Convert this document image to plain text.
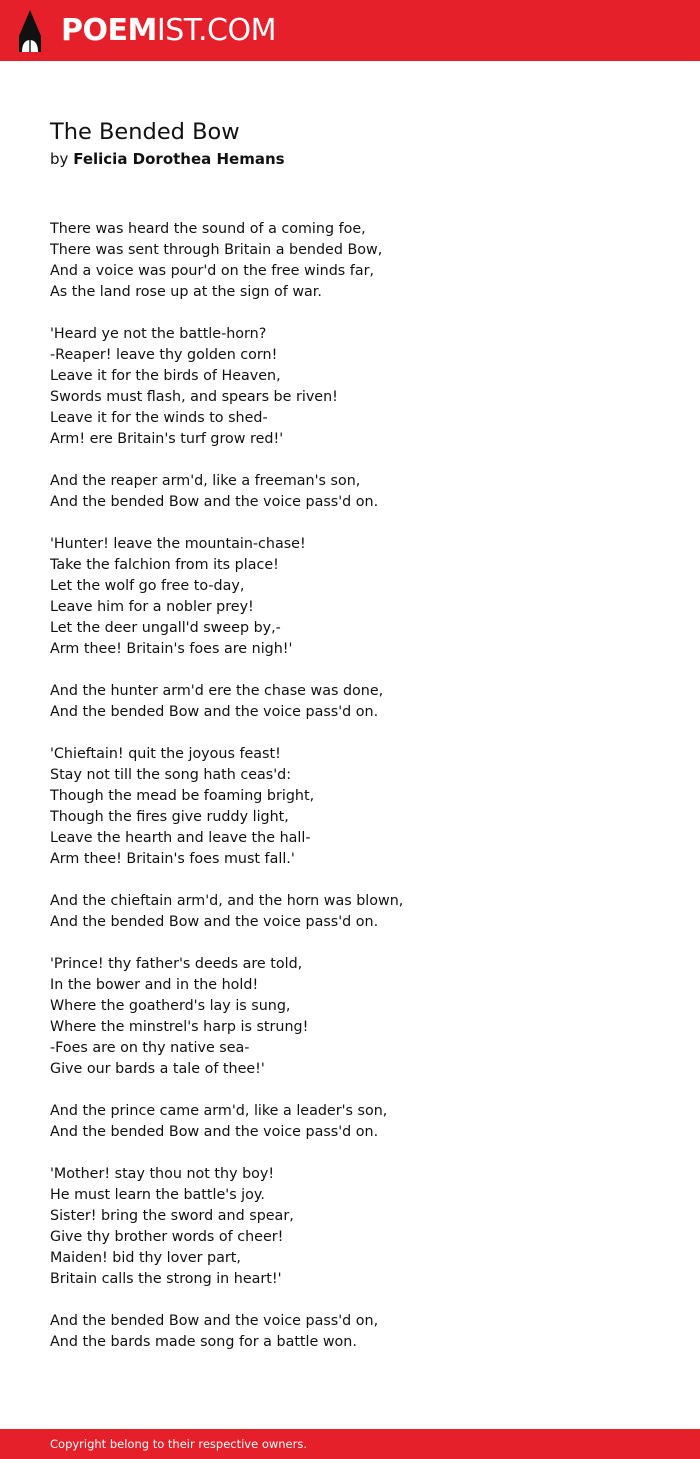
POEMIST.COM
The Bended Bow
by Felicia Dorothea Hemans
There was heard the sound of a coming foe,
There was sent through Britain a bended Bow,
And a voice was pour'd on the free winds far,
As the land rose up at the sign of war.
'Heard ye not the battle-horn?
-Reaper! leave thy golden corn!
Leave it for the birds of Heaven,
Swords must flash, and spears be riven!
Leave it for the winds to shed-
Arm! ere Britain's turf grow red!'
And the reaper arm'd, like a freeman's son,
And the bended Bow and the voice pass'd on.
'Hunter! leave the mountain-chase!
Take the falchion from its place!
Let the wolf go free to-day,
Leave him for a nobler prey!
Let the deer ungall'd sweep by,-
Arm thee! Britain's foes are nigh!'
And the hunter arm'd ere the chase was done,
And the bended Bow and the voice pass'd on.
'Chieftain! quit the joyous feast!
Stay not till the song hath ceas'd:
Though the mead be foaming bright,
Though the fires give ruddy light,
Leave the hearth and leave the hall-
Arm thee! Britain's foes must fall.'
And the chieftain arm'd, and the horn was blown,
And the bended Bow and the voice pass'd on.
'Prince! thy father's deeds are told,
In the bower and in the hold!
Where the goatherd's lay is sung,
Where the minstrel's harp is strung!
-Foes are on thy native sea-
Give our bards a tale of thee!'
And the prince came arm'd, like a leader's son,
And the bended Bow and the voice pass'd on.
'Mother! stay thou not thy boy!
He must learn the battle's joy.
Sister! bring the sword and spear,
Give thy brother words of cheer!
Maiden! bid thy lover part,
Britain calls the strong in heart!'
And the bended Bow and the voice pass'd on,
And the bards made song for a battle won.
Copyright belong to their respective owners.
